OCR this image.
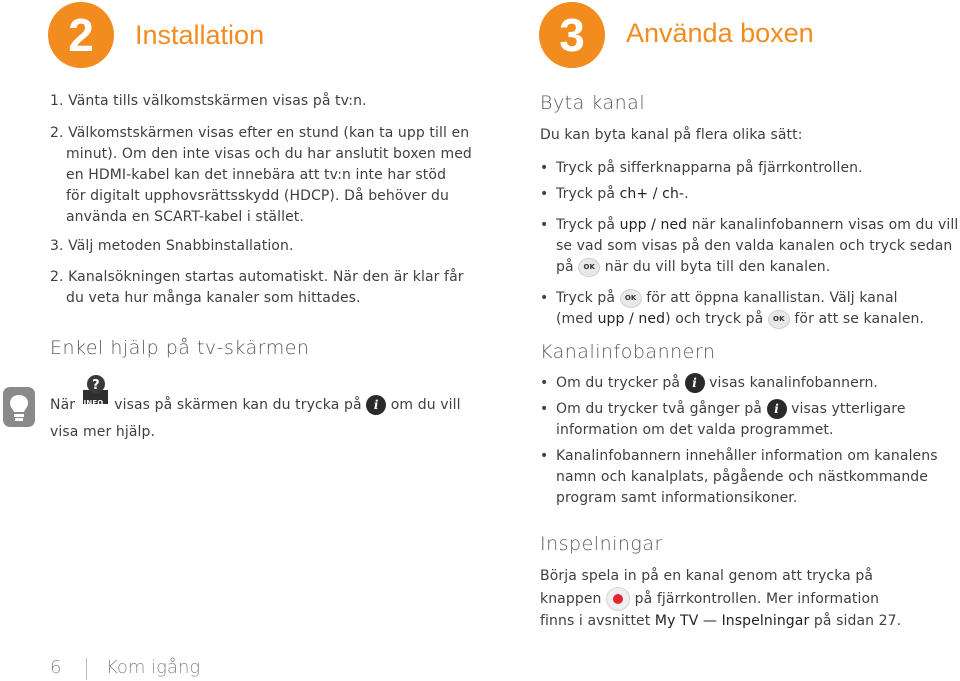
2	Installation
1. Vänta tills välkomstskärmen visas på tv:n.
2. Välkomstskärmen visas efter en stund (kan ta upp till en
minut). Om den inte visas och du har anslutit boxen med
en HDMI-kabel kan det innebära att tv:n inte har stöd
för digitalt upphovsrättsskydd (HDCP). Då behöver du
använda en SCART-kabel i stället.
3. Välj metoden Snabbinstallation.
2. Kanalsökningen startas automatiskt. När den är klar får
du veta hur många kanaler som hittades.
Enkel hjälp på tv-skärmen
När
?
INFO visas på skärmen kan du trycka på i om du vill
visa mer hjälp.
3	Använda boxen
Byta kanal
Du kan byta kanal på flera olika sätt:
• Tryck på sifferknapparna på fjärrkontrollen.
• Tryck på ch+ / ch-.
• Tryck på upp / ned när kanalinfobannern visas om du vill
se vad som visas på den valda kanalen och tryck sedan
på OK när du vill byta till den kanalen.
• Tryck på OK för att öppna kanallistan. Välj kanal
(med upp / ned) och tryck på OK för att se kanalen.
Kanalinfobannern
• Om du trycker på i visas kanalinfobannern.
• Om du trycker två gånger på i visas ytterligare
information om det valda programmet.
• Kanalinfobannern innehåller information om kanalens
namn och kanalplats, pågående och nästkommande
program samt informationsikoner.
Inspelningar
Börja spela in på en kanal genom att trycka på
knappen på fjärrkontrollen. Mer information
finns i avsnittet My TV — Inspelningar på sidan 27.
6 Kom igång
